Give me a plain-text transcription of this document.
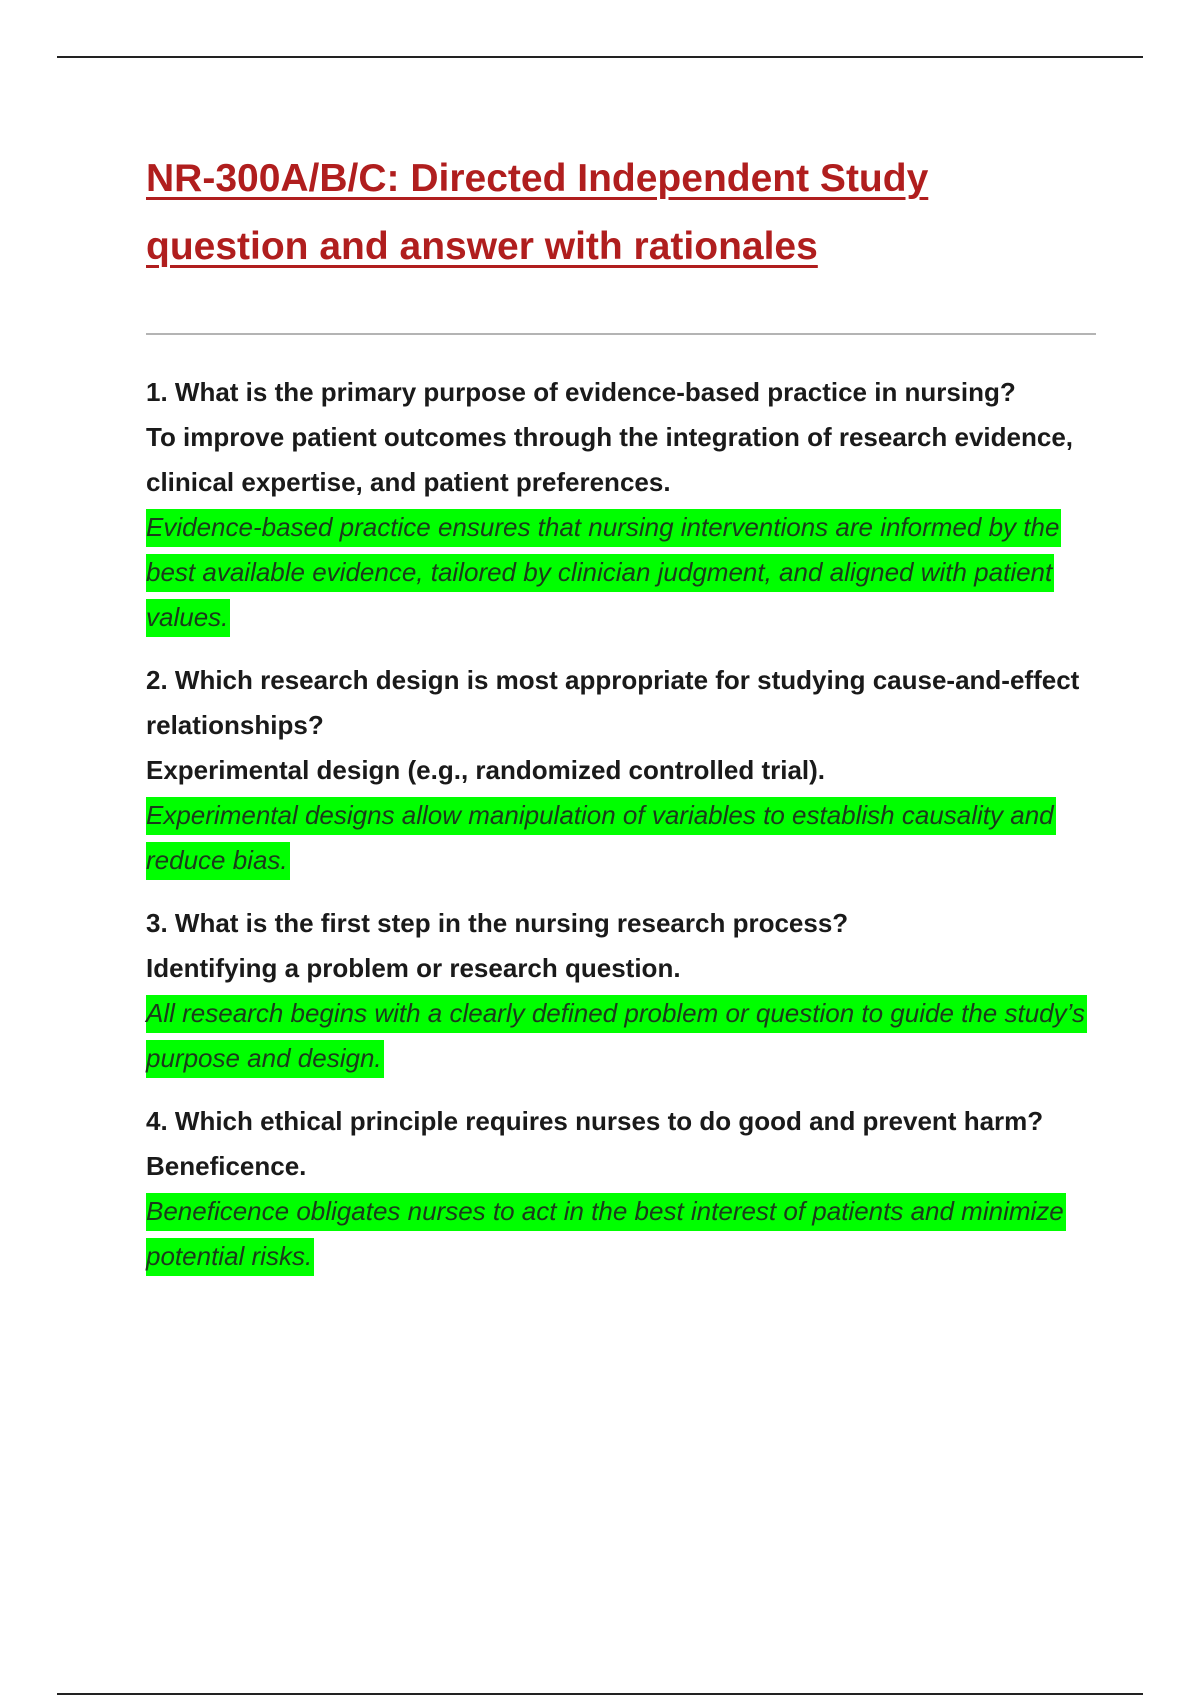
NR-300A/B/C: Directed Independent Study question and answer with rationales
1. What is the primary purpose of evidence-based practice in nursing?
To improve patient outcomes through the integration of research evidence, clinical expertise, and patient preferences.
Evidence-based practice ensures that nursing interventions are informed by the best available evidence, tailored by clinician judgment, and aligned with patient values.
2. Which research design is most appropriate for studying cause-and-effect relationships?
Experimental design (e.g., randomized controlled trial).
Experimental designs allow manipulation of variables to establish causality and reduce bias.
3. What is the first step in the nursing research process?
Identifying a problem or research question.
All research begins with a clearly defined problem or question to guide the study’s purpose and design.
4. Which ethical principle requires nurses to do good and prevent harm?
Beneficence.
Beneficence obligates nurses to act in the best interest of patients and minimize potential risks.
